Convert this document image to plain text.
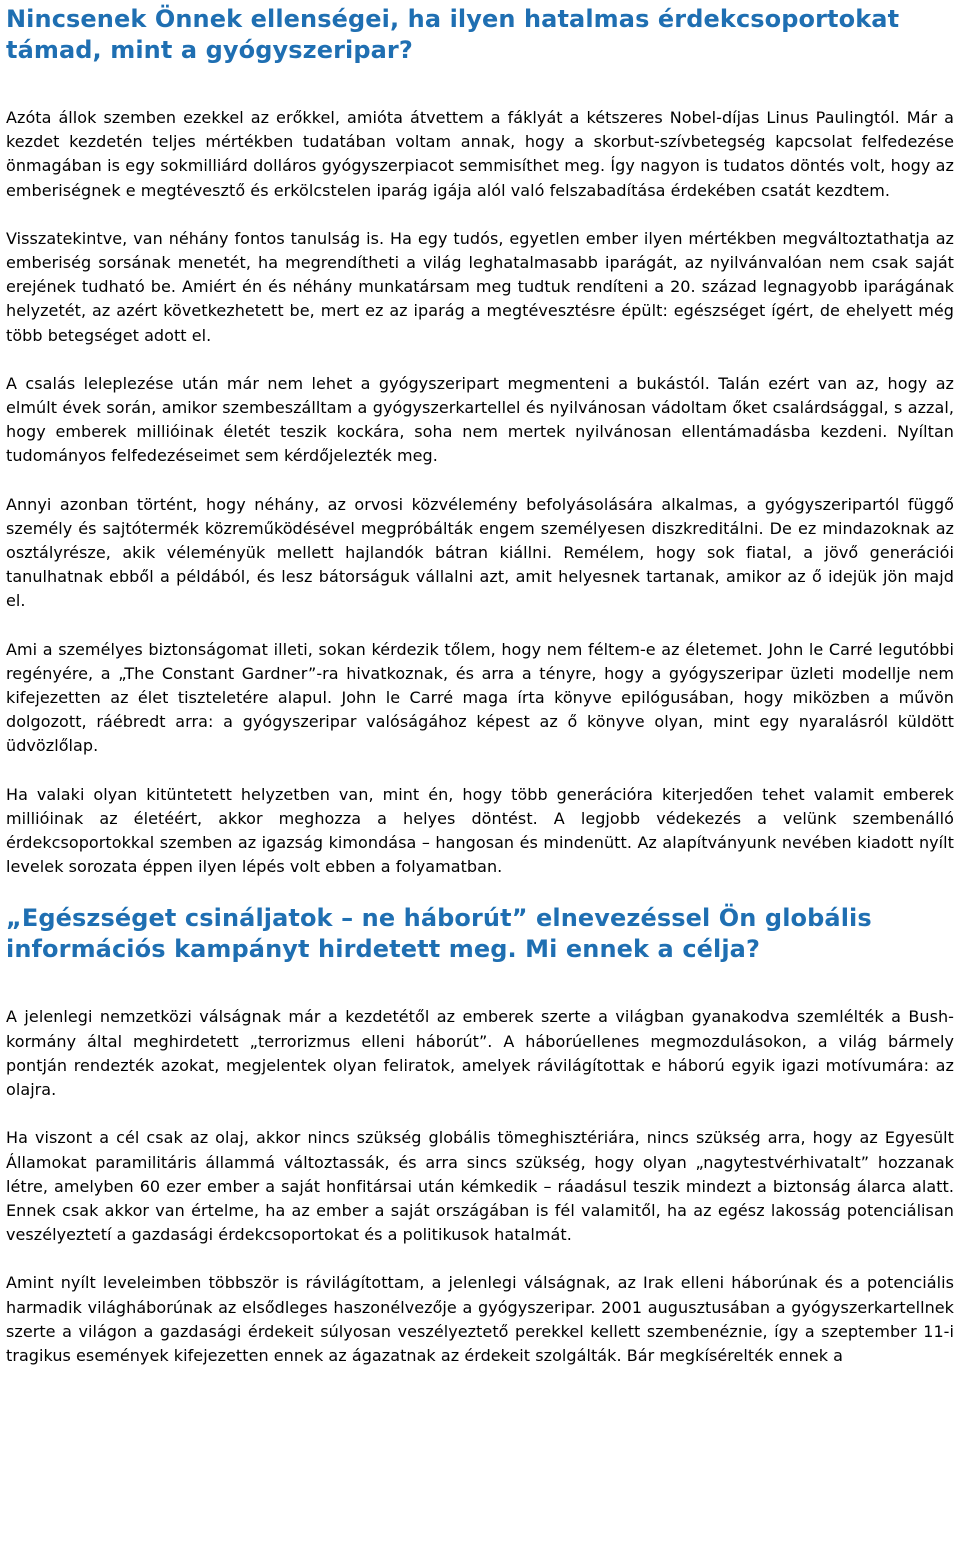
Nincsenek Önnek ellenségei, ha ilyen hatalmas érdekcsoportokat támad, mint a gyógyszeripar?

Azóta állok szemben ezekkel az erőkkel, amióta átvettem a fáklyát a kétszeres Nobel-díjas Linus Paulingtól. Már a kezdet kezdetén teljes mértékben tudatában voltam annak, hogy a skorbut-szívbetegség kapcsolat felfedezése önmagában is egy sokmilliárd dolláros gyógyszerpiacot semmisíthet meg. Így nagyon is tudatos döntés volt, hogy az emberiségnek e megtévesztő és erkölcstelen iparág igája alól való felszabadítása érdekében csatát kezdtem.

Visszatekintve, van néhány fontos tanulság is. Ha egy tudós, egyetlen ember ilyen mértékben megváltoztathatja az emberiség sorsának menetét, ha megrendítheti a világ leghatalmasabb iparágát, az nyilvánvalóan nem csak saját erejének tudható be. Amiért én és néhány munkatársam meg tudtuk rendíteni a 20. század legnagyobb iparágának helyzetét, az azért következhetett be, mert ez az iparág a megtévesztésre épült: egészséget ígért, de ehelyett még több betegséget adott el.

A csalás leleplezése után már nem lehet a gyógyszeripart megmenteni a bukástól. Talán ezért van az, hogy az elmúlt évek során, amikor szembeszálltam a gyógyszerkartellel és nyilvánosan vádoltam őket csalárdsággal, s azzal, hogy emberek millióinak életét teszik kockára, soha nem mertek nyilvánosan ellentámadásba kezdeni. Nyíltan tudományos felfedezéseimet sem kérdőjelezték meg.

Annyi azonban történt, hogy néhány, az orvosi közvélemény befolyásolására alkalmas, a gyógyszeripartól függő személy és sajtótermék közreműködésével megpróbálták engem személyesen diszkreditálni. De ez mindazoknak az osztályrésze, akik véleményük mellett hajlandók bátran kiállni. Remélem, hogy sok fiatal, a jövő generációi tanulhatnak ebből a példából, és lesz bátorságuk vállalni azt, amit helyesnek tartanak, amikor az ő idejük jön majd el.

Ami a személyes biztonságomat illeti, sokan kérdezik tőlem, hogy nem féltem-e az életemet. John le Carré legutóbbi regényére, a „The Constant Gardner”-ra hivatkoznak, és arra a tényre, hogy a gyógyszeripar üzleti modellje nem kifejezetten az élet tiszteletére alapul. John le Carré maga írta könyve epilógusában, hogy miközben a művön dolgozott, ráébredt arra: a gyógyszeripar valóságához képest az ő könyve olyan, mint egy nyaralásról küldött üdvözlőlap.

Ha valaki olyan kitüntetett helyzetben van, mint én, hogy több generációra kiterjedően tehet valamit emberek millióinak az életéért, akkor meghozza a helyes döntést. A legjobb védekezés a velünk szembenálló érdekcsoportokkal szemben az igazság kimondása – hangosan és mindenütt. Az alapítványunk nevében kiadott nyílt levelek sorozata éppen ilyen lépés volt ebben a folyamatban.

„Egészséget csináljatok – ne háborút” elnevezéssel Ön globális információs kampányt hirdetett meg. Mi ennek a célja?

A jelenlegi nemzetközi válságnak már a kezdetétől az emberek szerte a világban gyanakodva szemlélték a Bush-kormány által meghirdetett „terrorizmus elleni háborút”. A háborúellenes megmozdulásokon, a világ bármely pontján rendezték azokat, megjelentek olyan feliratok, amelyek rávilágítottak e háború egyik igazi motívumára: az olajra.

Ha viszont a cél csak az olaj, akkor nincs szükség globális tömeghisztériára, nincs szükség arra, hogy az Egyesült Államokat paramilitáris állammá változtassák, és arra sincs szükség, hogy olyan „nagytestvérhivatalt” hozzanak létre, amelyben 60 ezer ember a saját honfitársai után kémkedik – ráadásul teszik mindezt a biztonság álarca alatt. Ennek csak akkor van értelme, ha az ember a saját országában is fél valamitől, ha az egész lakosság potenciálisan veszélyeztetí a gazdasági érdekcsoportokat és a politikusok hatalmát.

Amint nyílt leveleimben többször is rávilágítottam, a jelenlegi válságnak, az Irak elleni háborúnak és a potenciális harmadik világháborúnak az elsődleges haszonélvezője a gyógyszeripar. 2001 augusztusában a gyógyszerkartellnek szerte a világon a gazdasági érdekeit súlyosan veszélyeztető perekkel kellett szembenéznie, így a szeptember 11-i tragikus események kifejezetten ennek az ágazatnak az érdekeit szolgálták. Bár megkísérelték ennek a
